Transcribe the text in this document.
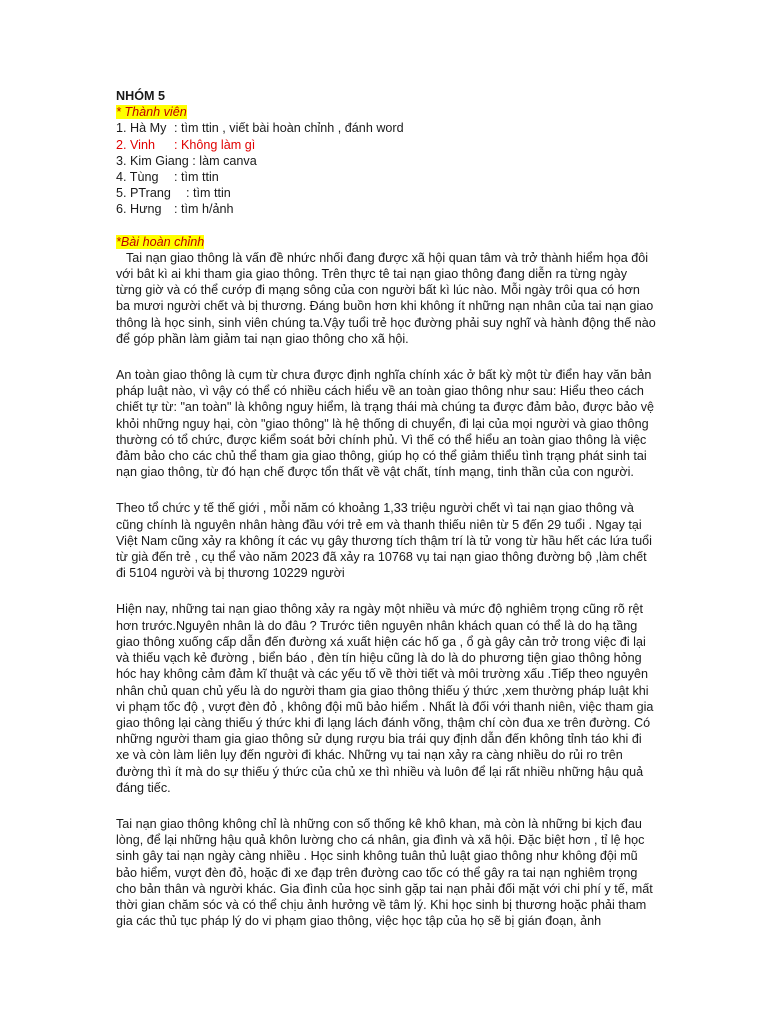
NHÓM 5

* Thành viên

1. Hà My : tìm ttin , viết bài hoàn chỉnh , đánh word

2. Vinh : Không làm gì

3. Kim Giang : làm canva

4. Tùng : tìm ttin

5. PTrang : tìm ttin

6. Hưng : tìm h/ảnh

*Bài hoàn chỉnh

Tai nạn giao thông là vấn đề nhức nhối đang được xã hội quan tâm và trở thành hiểm họa đôi với bât kì ai khi tham gia giao thông. Trên thực tê tai nạn giao thông đang diễn ra từng ngày từng giờ và có thể cướp đi mạng sông của con người bất kì lúc nào. Mỗi ngày trôi qua có hơn ba mươi người chết và bị thương. Đáng buồn hơn khi không ít những nạn nhân của tai nạn giao thông là học sinh, sinh viên chúng ta.Vậy tuổi trẻ học đường phải suy nghĩ và hành động thế nào để góp phần làm giảm tai nạn giao thông cho xã hội.

An toàn giao thông là cụm từ chưa được định nghĩa chính xác ở bất kỳ một từ điển hay văn bản pháp luật nào, vì vậy có thể có nhiều cách hiểu về an toàn giao thông như sau: Hiểu theo cách chiết tự từ: "an toàn" là không nguy hiểm, là trạng thái mà chúng ta được đảm bảo, được bảo vệ khỏi những nguy hại, còn "giao thông" là hệ thống di chuyển, đi lại của mọi người và giao thông thường có tổ chức, được kiểm soát bởi chính phủ. Vì thế có thể hiểu an toàn giao thông là việc đảm bảo cho các chủ thể tham gia giao thông, giúp họ có thể giảm thiểu tình trạng phát sinh tai nạn giao thông, từ đó hạn chế được tổn thất về vật chất, tính mạng, tinh thần của con người.

Theo tổ chức y tế thế giới , mỗi năm có khoảng 1,33 triệu người chết vì tai nạn giao thông và cũng chính là nguyên nhân hàng đầu với trẻ em và thanh thiếu niên từ 5 đến 29 tuổi . Ngay tại Việt Nam cũng xảy ra không ít các vụ gây thương tích thậm trí là tử vong từ hầu hết các lứa tuổi từ già đến trẻ , cụ thể vào năm 2023 đã xảy ra 10768 vụ tai nạn giao thông đường bộ ,làm chết đi 5104 người và bị thương 10229 người

Hiện nay, những tai nạn giao thông xảy ra ngày một nhiều và mức độ nghiêm trọng cũng rõ rệt hơn trước.Nguyên nhân là do đâu ? Trước tiên nguyên nhân khách quan có thể là do hạ tầng giao thông xuống cấp dẫn đến đường xá xuất hiện các hố ga , ổ gà gây cản trở trong việc đi lại và thiếu vạch kẻ đường , biển báo , đèn tín hiệu cũng là do là do phương tiện giao thông hỏng hóc hay không cảm đảm kĩ thuật và các yếu tố về thời tiết và môi trường xấu .Tiếp theo nguyên nhân chủ quan chủ yếu là do người tham gia giao thông thiếu ý thức ,xem thường pháp luật khi vi phạm tốc độ , vượt đèn đỏ , không đội mũ bảo hiểm . Nhất là đối với thanh niên, việc tham gia giao thông lại càng thiếu ý thức khi đi lạng lách đánh võng, thậm chí còn đua xe trên đường. Có những người tham gia giao thông sử dụng rượu bia trái quy định dẫn đến không tỉnh táo khi đi xe và còn làm liên lụy đến người đi khác. Những vụ tai nạn xảy ra càng nhiều do rủi ro trên đường thì ít mà do sự thiếu ý thức của chủ xe thì nhiều và luôn để lại rất nhiều những hậu quả đáng tiếc.

Tai nạn giao thông không chỉ là những con số thống kê khô khan, mà còn là những bi kịch đau lòng, để lại những hậu quả khôn lường cho cá nhân, gia đình và xã hội. Đặc biệt hơn , tỉ lệ học sinh gây tai nạn ngày càng nhiều . Học sinh không tuân thủ luật giao thông như không đội mũ bảo hiểm, vượt đèn đỏ, hoặc đi xe đạp trên đường cao tốc có thể gây ra tai nạn nghiêm trọng cho bản thân và người khác. Gia đình của học sinh gặp tai nạn phải đối mặt với chi phí y tế, mất thời gian chăm sóc và có thể chịu ảnh hưởng về tâm lý. Khi học sinh bị thương hoặc phải tham gia các thủ tục pháp lý do vi phạm giao thông, việc học tập của họ sẽ bị gián đoạn, ảnh
